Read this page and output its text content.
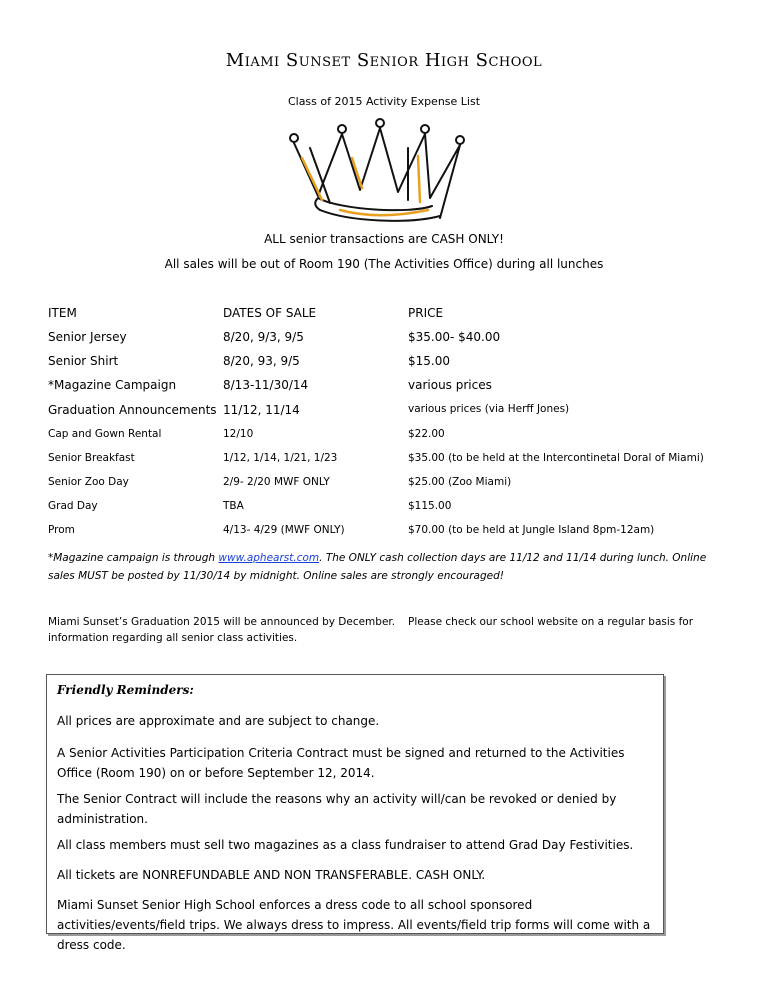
Miami Sunset Senior High School
Class of 2015 Activity Expense List
ALL senior transactions are CASH ONLY!
All sales will be out of Room 190 (The Activities Office) during all lunches
ITEM	DATES OF SALE	PRICE
Senior Jersey	8/20, 9/3, 9/5	$35.00- $40.00
Senior Shirt	8/20, 93, 9/5	$15.00
*Magazine Campaign	8/13-11/30/14	various prices
Graduation Announcements 11/12, 11/14	various prices (via Herff Jones)
Cap and Gown Rental	12/10	$22.00
Senior Breakfast	1/12, 1/14, 1/21, 1/23	$35.00 (to be held at the Intercontinetal Doral of Miami)
Senior Zoo Day	2/9- 2/20 MWF ONLY	$25.00 (Zoo Miami)
Grad Day	TBA	$115.00
Prom	4/13- 4/29 (MWF ONLY)	$70.00 (to be held at Jungle Island 8pm-12am)
*Magazine campaign is through www.aphearst.com. The ONLY cash collection days are 11/12 and 11/14 during lunch. Online sales MUST be posted by 11/30/14 by midnight. Online sales are strongly encouraged!
Miami Sunset’s Graduation 2015 will be announced by December. information regarding all senior class activities.
Please check our school website on a regular basis for
Friendly Reminders:
All prices are approximate and are subject to change.
A Senior Activities Participation Criteria Contract must be signed and returned to the Activities Office (Room 190) on or before September 12, 2014.
The Senior Contract will include the reasons why an activity will/can be revoked or denied by administration.
All class members must sell two magazines as a class fundraiser to attend Grad Day Festivities.
All tickets are NONREFUNDABLE AND NON TRANSFERABLE. CASH ONLY.
Miami Sunset Senior High School enforces a dress code to all school sponsored activities/events/field trips. We always dress to impress. All events/field trip forms will come with a dress code.
